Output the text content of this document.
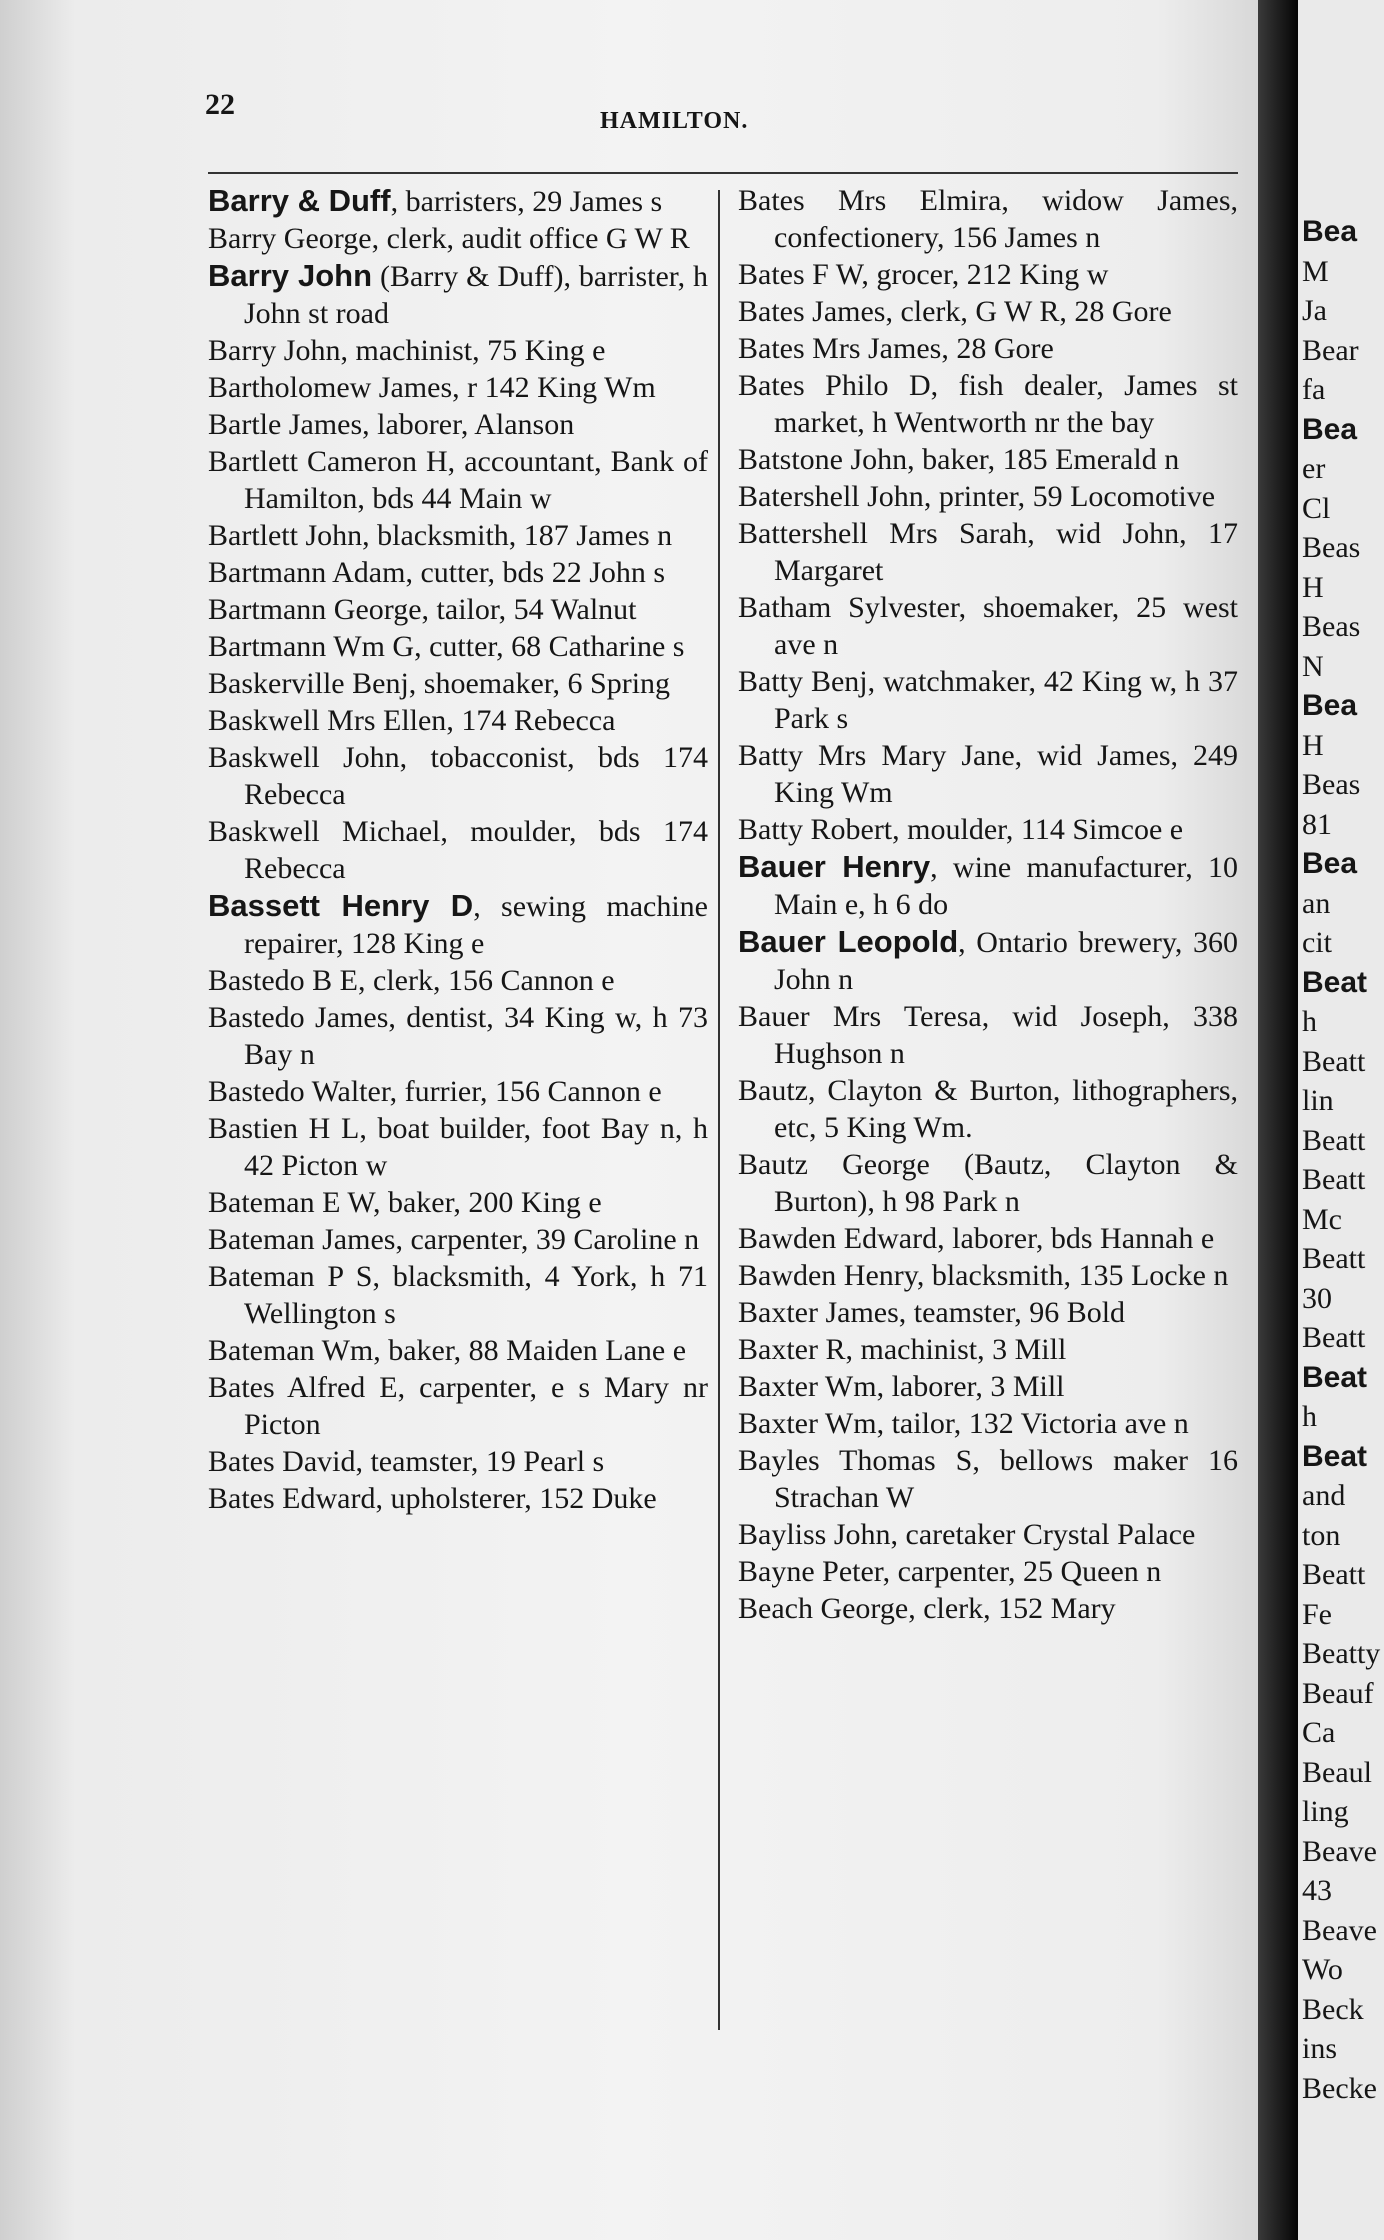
22	HAMILTON.
Barry & Duff, barristers, 29 James s
Barry George, clerk, audit office G W R
Barry John (Barry & Duff), barrister, h John st road
Barry John, machinist, 75 King e
Bartholomew James, r 142 King Wm
Bartle James, laborer, Alanson
Bartlett Cameron H, accountant, Bank of Hamilton, bds 44 Main w
Bartlett John, blacksmith, 187 James n
Bartmann Adam, cutter, bds 22 John s
Bartmann George, tailor, 54 Walnut
Bartmann Wm G, cutter, 68 Catharine s
Baskerville Benj, shoemaker, 6 Spring
Baskwell Mrs Ellen, 174 Rebecca
Baskwell John, tobacconist, bds 174 Rebecca
Baskwell Michael, moulder, bds 174 Rebecca
Bassett Henry D, sewing machine repairer, 128 King e
Bastedo B E, clerk, 156 Cannon e
Bastedo James, dentist, 34 King w, h 73 Bay n
Bastedo Walter, furrier, 156 Cannon e
Bastien H L, boat builder, foot Bay n, h 42 Picton w
Bateman E W, baker, 200 King e
Bateman James, carpenter, 39 Caroline n
Bateman P S, blacksmith, 4 York, h 71 Wellington s
Bateman Wm, baker, 88 Maiden Lane e
Bates Alfred E, carpenter, e s Mary nr Picton
Bates David, teamster, 19 Pearl s
Bates Edward, upholsterer, 152 Duke
Bates Mrs Elmira, widow James, confectionery, 156 James n
Bates F W, grocer, 212 King w
Bates James, clerk, G W R, 28 Gore
Bates Mrs James, 28 Gore
Bates Philo D, fish dealer, James st market, h Wentworth nr the bay
Batstone John, baker, 185 Emerald n
Batershell John, printer, 59 Locomotive
Battershell Mrs Sarah, wid John, 17 Margaret
Batham Sylvester, shoemaker, 25 west ave n
Batty Benj, watchmaker, 42 King w, h 37 Park s
Batty Mrs Mary Jane, wid James, 249 King Wm
Batty Robert, moulder, 114 Simcoe e
Bauer Henry, wine manufacturer, 10 Main e, h 6 do
Bauer Leopold, Ontario brewery, 360 John n
Bauer Mrs Teresa, wid Joseph, 338 Hughson n
Bautz, Clayton & Burton, lithographers, etc, 5 King Wm.
Bautz George (Bautz, Clayton & Burton), h 98 Park n
Bawden Edward, laborer, bds Hannah e
Bawden Henry, blacksmith, 135 Locke n
Baxter James, teamster, 96 Bold
Baxter R, machinist, 3 Mill
Baxter Wm, laborer, 3 Mill
Baxter Wm, tailor, 132 Victoria ave n
Bayles Thomas S, bellows maker 16 Strachan W
Bayliss John, caretaker Crystal Palace
Bayne Peter, carpenter, 25 Queen n
Beach George, clerk, 152 Mary
Bea
M
Ja
Bear
fa
Bea
er
Cl
Beas
H
Beas
N
Bea
H
Beas
81
Bea
an
cit
Beat
h
Beatt
lin
Beatt
Beatt
Mc
Beatt
30
Beatt
Beat
h
Beat
and
ton
Beatt
Fe
Beatty
Beauf
Ca
Beaul
ling
Beave
43
Beave
Wo
Beck
ins
Becke
